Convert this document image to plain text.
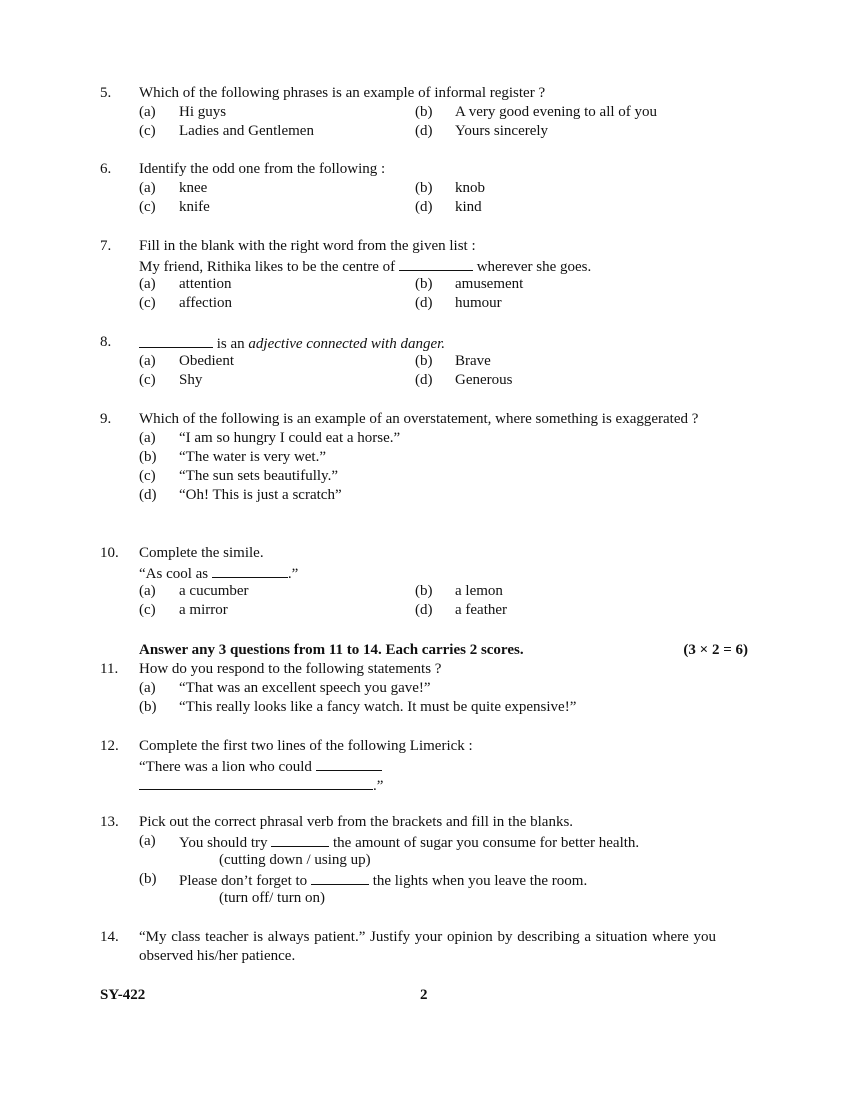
5. Which of the following phrases is an example of informal register ?
(a) Hi guys	(b) A very good evening to all of you
(c) Ladies and Gentlemen	(d) Yours sincerely
6. Identify the odd one from the following :
(a) knee	(b) knob
(c) knife	(d) kind
7. Fill in the blank with the right word from the given list :
My friend, Rithika likes to be the centre of	wherever she goes.
(a) attention	(b) amusement
(c) affection	(d) humour
8.	is an adjective connected with danger.
(a) Obedient	(b) Brave
(c) Shy	(d) Generous
9. Which of the following is an example of an overstatement, where something is exaggerated ?
(a) “I am so hungry I could eat a horse.”
(b) “The water is very wet.”
(c) “The sun sets beautifully.”
(d) “Oh! This is just a scratch”
10. Complete the simile.
“As cool as	.”
(a) a cucumber	(b) a lemon
(c) a mirror	(d) a feather
Answer any 3 questions from 11 to 14. Each carries 2 scores.	(3 × 2 = 6)
11. How do you respond to the following statements ?
(a) “That was an excellent speech you gave!”
(b) “This really looks like a fancy watch. It must be quite expensive!”
12. Complete the first two lines of the following Limerick :
“There was a lion who could
.”
13. Pick out the correct phrasal verb from the brackets and fill in the blanks.
(a) You should try	the amount of sugar you consume for better health.
(cutting down / using up)
(b) Please don’t forget to	the lights when you leave the room.
(turn off/ turn on)
14. “My class teacher is always patient.” Justify your opinion by describing a situation where you observed his/her patience.
SY-422	2
